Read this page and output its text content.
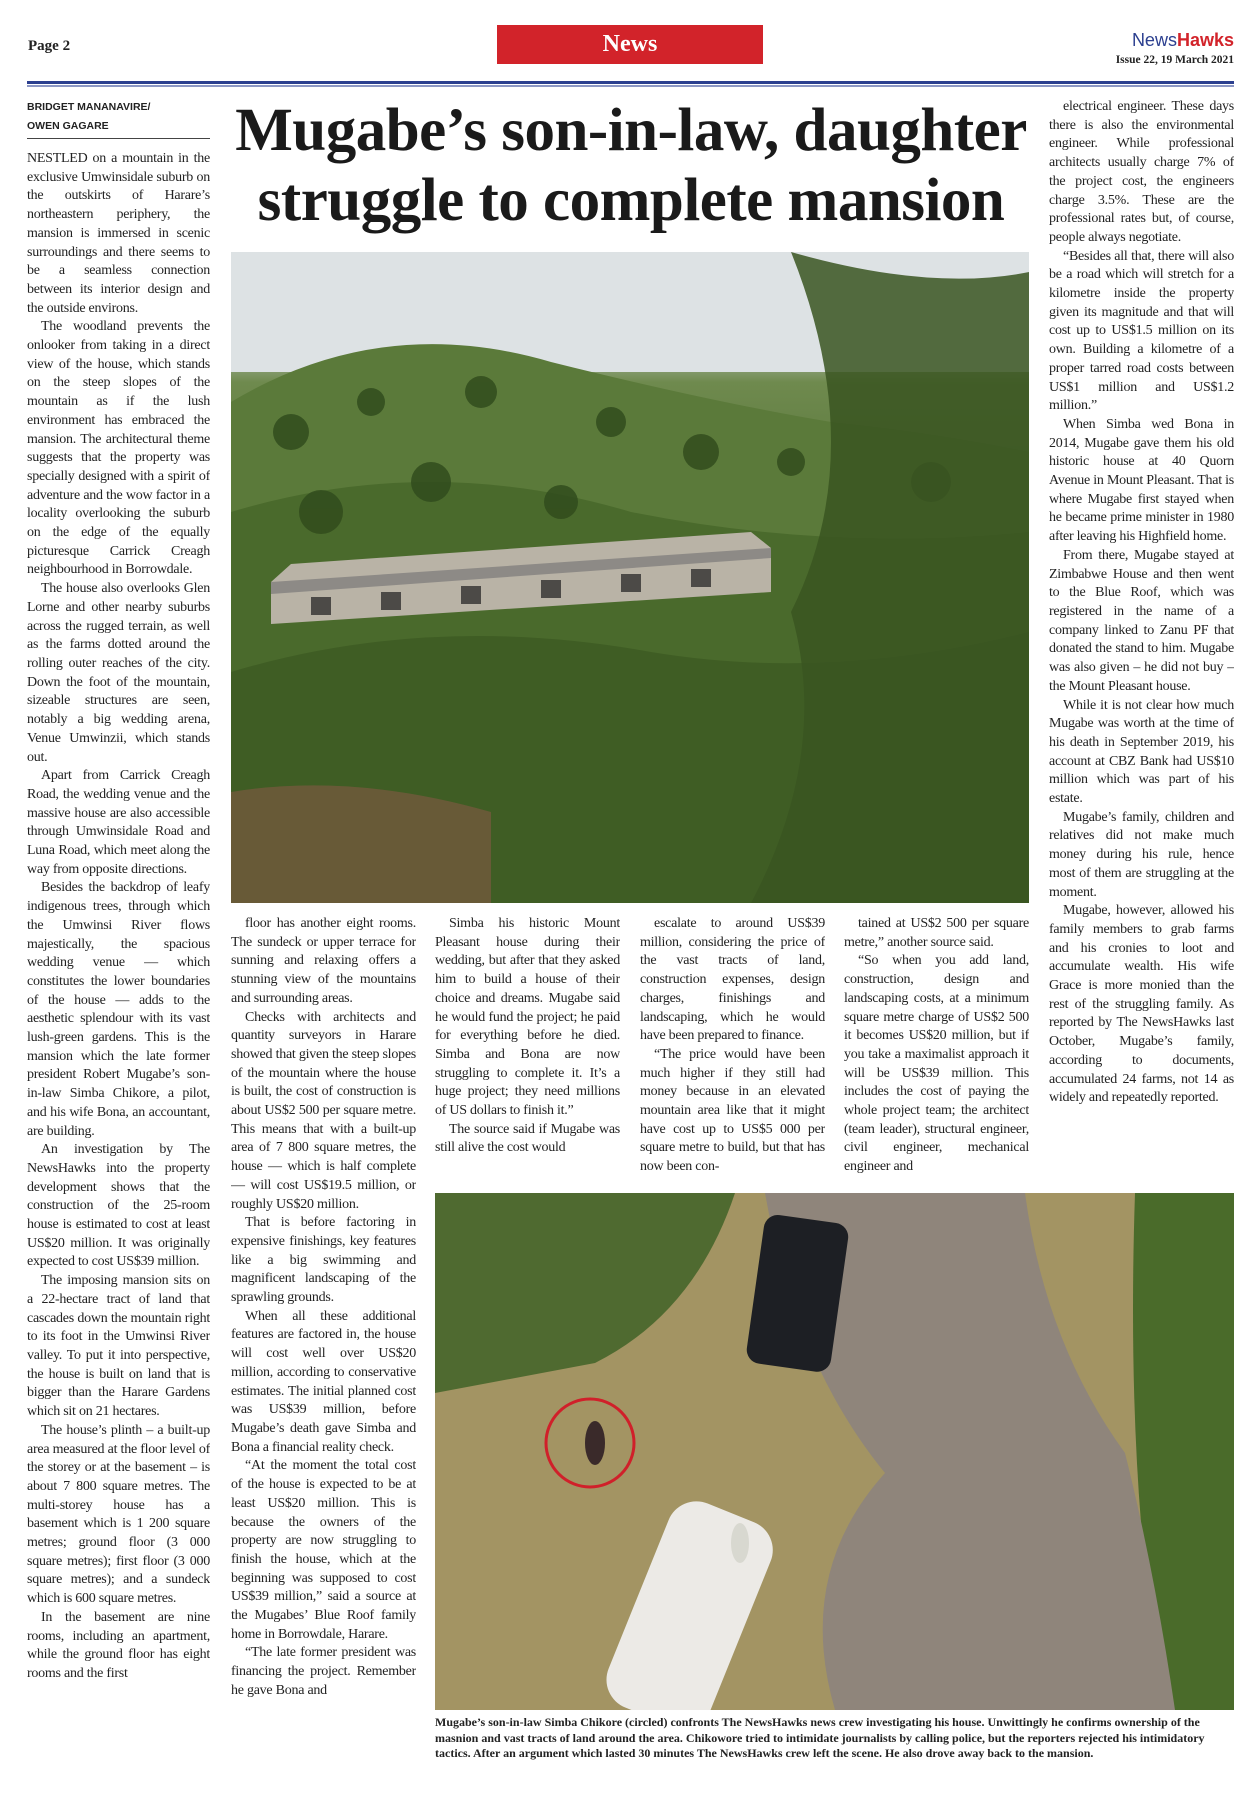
Page 2	News	NewsHawks
Issue 22, 19 March 2021
BRIDGET MANANAVIRE/
OWEN GAGARE	Mugabe’s son-in-law, daughter struggle to complete mansion

NESTLED on a mountain in the exclusive Umwinsidale suburb on the outskirts of Harare’s northeastern periphery, the mansion is immersed in scenic surroundings and there seems to be a seamless connection between its interior design and the outside environs.

The woodland prevents the onlooker from taking in a direct view of the house, which stands on the steep slopes of the mountain as if the lush environment has embraced the mansion. The architectural theme suggests that the property was specially designed with a spirit of adventure and the wow factor in a locality overlooking the suburb on the edge of the equally picturesque Carrick Creagh neighbourhood in Borrowdale.

The house also overlooks Glen Lorne and other nearby suburbs across the rugged terrain, as well as the farms dotted around the rolling outer reaches of the city. Down the foot of the mountain, sizeable structures are seen, notably a big wedding arena, Venue Umwinzii, which stands out.

Apart from Carrick Creagh Road, the wedding venue and the massive house are also accessible through Umwinsidale Road and Luna Road, which meet along the way from opposite directions.

Besides the backdrop of leafy indigenous trees, through which the Umwinsi River flows majestically, the spacious wedding venue — which constitutes the lower boundaries of the house — adds to the aesthetic splendour with its vast lush-green gardens. This is the mansion which the late former president Robert Mugabe’s son-in-law Simba Chikore, a pilot, and his wife Bona, an accountant, are building.

An investigation by The NewsHawks into the property development shows that the construction of the 25-room house is estimated to cost at least US$20 million. It was originally expected to cost US$39 million.

The imposing mansion sits on a 22-hectare tract of land that cascades down the mountain right to its foot in the Umwinsi River valley. To put it into perspective, the house is built on land that is bigger than the Harare Gardens which sit on 21 hectares.

The house’s plinth – a built-up area measured at the floor level of the storey or at the basement – is about 7 800 square metres. The multi-storey house has a basement which is 1 200 square metres; ground floor (3 000 square metres); first floor (3 000 square metres); and a sundeck which is 600 square metres.

In the basement are nine rooms, including an apartment, while the ground floor has eight rooms and the first

floor has another eight rooms. The sundeck or upper terrace for sunning and relaxing offers a stunning view of the mountains and surrounding areas.

Checks with architects and quantity surveyors in Harare showed that given the steep slopes of the mountain where the house is built, the cost of construction is about US$2 500 per square metre. This means that with a built-up area of 7 800 square metres, the house — which is half complete — will cost US$19.5 million, or roughly US$20 million.

That is before factoring in expensive finishings, key features like a big swimming and magnificent landscaping of the sprawling grounds.

When all these additional features are factored in, the house will cost well over US$20 million, according to conservative estimates. The initial planned cost was US$39 million, before Mugabe’s death gave Simba and Bona a financial reality check.

“At the moment the total cost of the house is expected to be at least US$20 million. This is because the owners of the property are now struggling to finish the house, which at the beginning was supposed to cost US$39 million,” said a source at the Mugabes’ Blue Roof family home in Borrowdale, Harare.

“The late former president was financing the project. Remember he gave Bona and

Simba his historic Mount Pleasant house during their wedding, but after that they asked him to build a house of their choice and dreams. Mugabe said he would fund the project; he paid for everything before he died. Simba and Bona are now struggling to complete it. It’s a huge project; they need millions of US dollars to finish it.”

The source said if Mugabe was still alive the cost would

escalate to around US$39 million, considering the price of the vast tracts of land, construction expenses, design charges, finishings and landscaping, which he would have been prepared to finance.

“The price would have been much higher if they still had money because in an elevated mountain area like that it might have cost up to US$5 000 per square metre to build, but that has now been con-

tained at US$2 500 per square metre,” another source said.

“So when you add land, construction, design and landscaping costs, at a minimum square metre charge of US$2 500 it becomes US$20 million, but if you take a maximalist approach it will be US$39 million. This includes the cost of paying the whole project team; the architect (team leader), structural engineer, civil engineer, mechanical engineer and

electrical engineer. These days there is also the environmental engineer. While professional architects usually charge 7% of the project cost, the engineers charge 3.5%. These are the professional rates but, of course, people always negotiate.

“Besides all that, there will also be a road which will stretch for a kilometre inside the property given its magnitude and that will cost up to US$1.5 million on its own. Building a kilometre of a proper tarred road costs between US$1 million and US$1.2 million.”

When Simba wed Bona in 2014, Mugabe gave them his old historic house at 40 Quorn Avenue in Mount Pleasant. That is where Mugabe first stayed when he became prime minister in 1980 after leaving his Highfield home.

From there, Mugabe stayed at Zimbabwe House and then went to the Blue Roof, which was registered in the name of a company linked to Zanu PF that donated the stand to him. Mugabe was also given – he did not buy – the Mount Pleasant house.

While it is not clear how much Mugabe was worth at the time of his death in September 2019, his account at CBZ Bank had US$10 million which was part of his estate.

Mugabe’s family, children and relatives did not make much money during his rule, hence most of them are struggling at the moment.

Mugabe, however, allowed his family members to grab farms and his cronies to loot and accumulate wealth. His wife Grace is more monied than the rest of the struggling family. As reported by The NewsHawks last October, Mugabe’s family, according to documents, accumulated 24 farms, not 14 as widely and repeatedly reported.

Mugabe’s son-in-law Simba Chikore (circled) confronts The NewsHawks news crew investigating his house. Unwittingly he confirms ownership of the masnion and vast tracts of land around the area. Chikowore tried to intimidate journalists by calling police, but the reporters rejected his intimidatory tactics. After an argument which lasted 30 minutes The NewsHawks crew left the scene. He also drove away back to the mansion.
